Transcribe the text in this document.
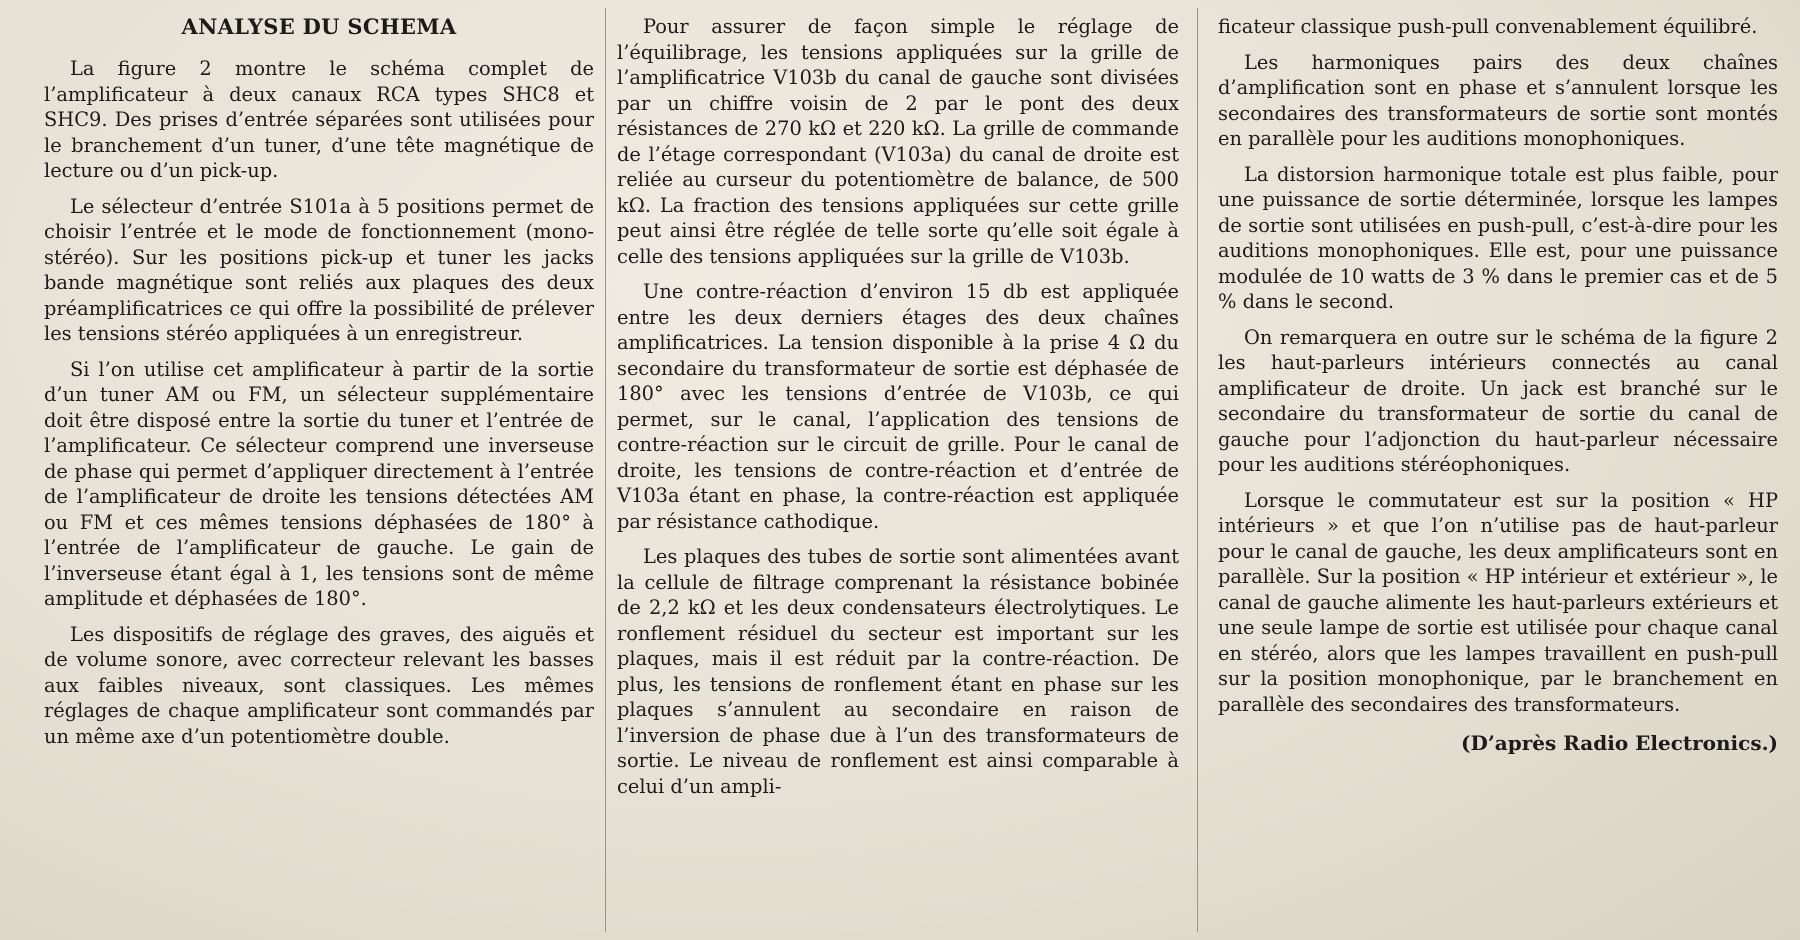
ANALYSE DU SCHEMA

La figure 2 montre le schéma complet de l’amplificateur à deux canaux RCA types SHC8 et SHC9. Des prises d’entrée séparées sont utilisées pour le branchement d’un tuner, d’une tête magnétique de lecture ou d’un pick-up.

Le sélecteur d’entrée S101a à 5 positions permet de choisir l’entrée et le mode de fonctionnement (mono-stéréo). Sur les positions pick-up et tuner les jacks bande magnétique sont reliés aux plaques des deux préamplificatrices ce qui offre la possibilité de prélever les tensions stéréo appliquées à un enregistreur.

Si l’on utilise cet amplificateur à partir de la sortie d’un tuner AM ou FM, un sélecteur supplémentaire doit être disposé entre la sortie du tuner et l’entrée de l’amplificateur. Ce sélecteur comprend une inverseuse de phase qui permet d’appliquer directement à l’entrée de l’amplificateur de droite les tensions détectées AM ou FM et ces mêmes tensions déphasées de 180° à l’entrée de l’amplificateur de gauche. Le gain de l’inverseuse étant égal à 1, les tensions sont de même amplitude et déphasées de 180°.

Les dispositifs de réglage des graves, des aiguës et de volume sonore, avec correcteur relevant les basses aux faibles niveaux, sont classiques. Les mêmes réglages de chaque amplificateur sont commandés par un même axe d’un potentiomètre double.

Pour assurer de façon simple le réglage de l’équilibrage, les tensions appliquées sur la grille de l’amplificatrice V103b du canal de gauche sont divisées par un chiffre voisin de 2 par le pont des deux résistances de 270 kΩ et 220 kΩ. La grille de commande de l’étage correspondant (V103a) du canal de droite est reliée au curseur du potentiomètre de balance, de 500 kΩ. La fraction des tensions appliquées sur cette grille peut ainsi être réglée de telle sorte qu’elle soit égale à celle des tensions appliquées sur la grille de V103b.

Une contre-réaction d’environ 15 db est appliquée entre les deux derniers étages des deux chaînes amplificatrices. La tension disponible à la prise 4 Ω du secondaire du transformateur de sortie est déphasée de 180° avec les tensions d’entrée de V103b, ce qui permet, sur le canal, l’application des tensions de contre-réaction sur le circuit de grille. Pour le canal de droite, les tensions de contre-réaction et d’entrée de V103a étant en phase, la contre-réaction est appliquée par résistance cathodique.

Les plaques des tubes de sortie sont alimentées avant la cellule de filtrage comprenant la résistance bobinée de 2,2 kΩ et les deux condensateurs électrolytiques. Le ronflement résiduel du secteur est important sur les plaques, mais il est réduit par la contre-réaction. De plus, les tensions de ronflement étant en phase sur les plaques s’annulent au secondaire en raison de l’inversion de phase due à l’un des transformateurs de sortie. Le niveau de ronflement est ainsi comparable à celui d’un ampli-

ficateur classique push-pull convenablement équilibré.

Les harmoniques pairs des deux chaînes d’amplification sont en phase et s’annulent lorsque les secondaires des transformateurs de sortie sont montés en parallèle pour les auditions monophoniques.

La distorsion harmonique totale est plus faible, pour une puissance de sortie déterminée, lorsque les lampes de sortie sont utilisées en push-pull, c’est-à-dire pour les auditions monophoniques. Elle est, pour une puissance modulée de 10 watts de 3 % dans le premier cas et de 5 % dans le second.

On remarquera en outre sur le schéma de la figure 2 les haut-parleurs intérieurs connectés au canal amplificateur de droite. Un jack est branché sur le secondaire du transformateur de sortie du canal de gauche pour l’adjonction du haut-parleur nécessaire pour les auditions stéréophoniques.

Lorsque le commutateur est sur la position « HP intérieurs » et que l’on n’utilise pas de haut-parleur pour le canal de gauche, les deux amplificateurs sont en parallèle. Sur la position « HP intérieur et extérieur », le canal de gauche alimente les haut-parleurs extérieurs et une seule lampe de sortie est utilisée pour chaque canal en stéréo, alors que les lampes travaillent en push-pull sur la position monophonique, par le branchement en parallèle des secondaires des transformateurs.

(D’après Radio Electronics.)
